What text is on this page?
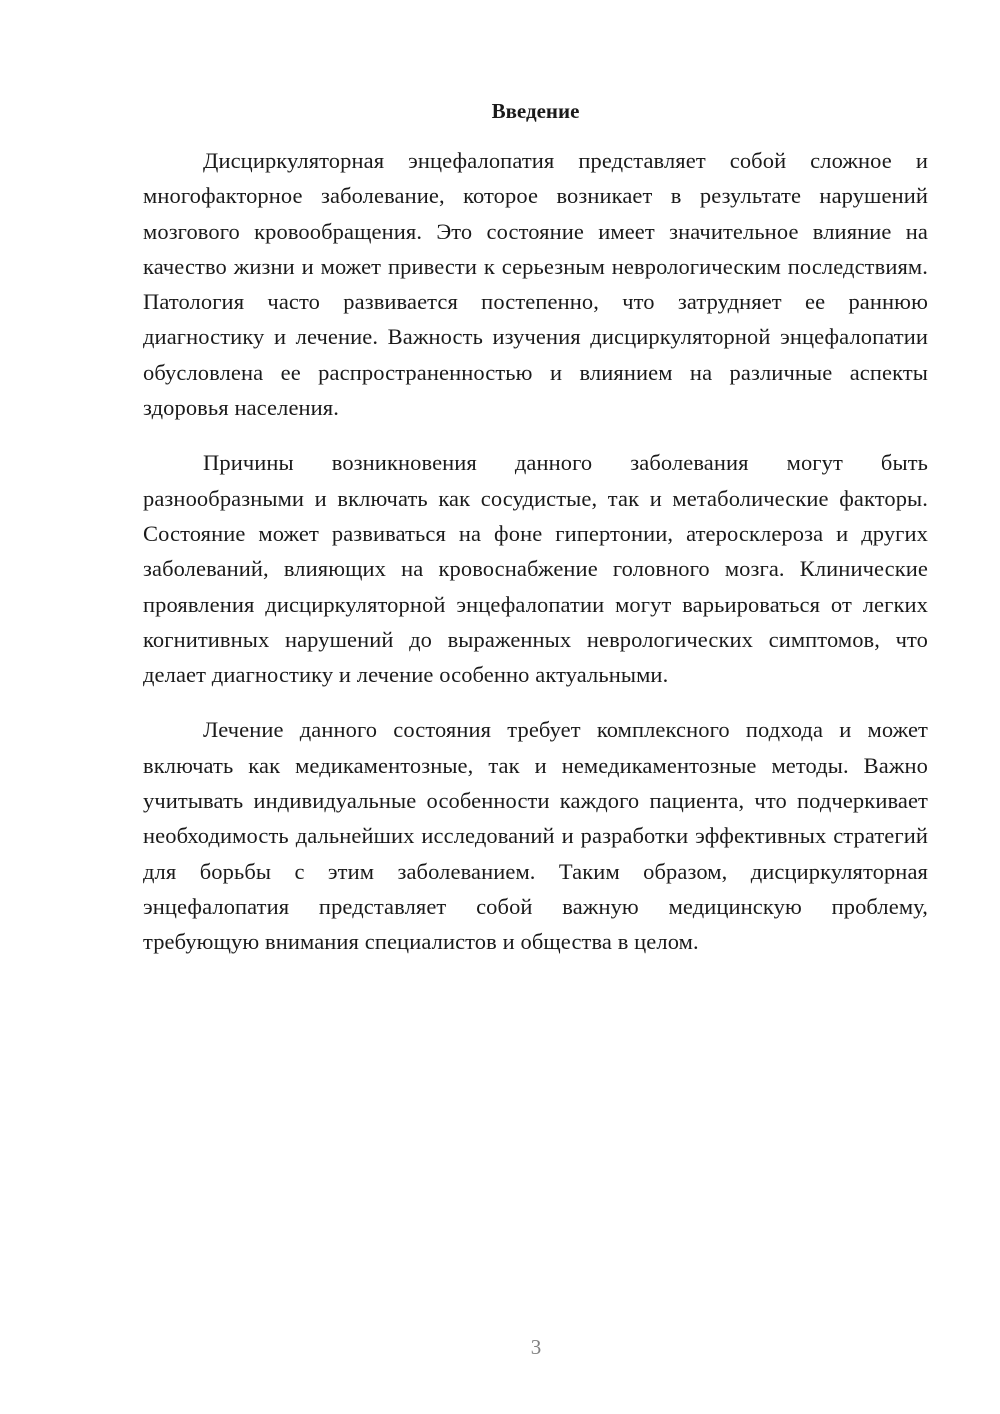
Введение

Дисциркуляторная энцефалопатия представляет собой сложное и многофакторное заболевание, которое возникает в результате нарушений мозгового кровообращения. Это состояние имеет значительное влияние на качество жизни и может привести к серьезным неврологическим последствиям. Патология часто развивается постепенно, что затрудняет ее раннюю диагностику и лечение. Важность изучения дисциркуляторной энцефалопатии обусловлена ее распространенностью и влиянием на различные аспекты здоровья населения.

Причины возникновения данного заболевания могут быть разнообразными и включать как сосудистые, так и метаболические факторы. Состояние может развиваться на фоне гипертонии, атеросклероза и других заболеваний, влияющих на кровоснабжение головного мозга. Клинические проявления дисциркуляторной энцефалопатии могут варьироваться от легких когнитивных нарушений до выраженных неврологических симптомов, что делает диагностику и лечение особенно актуальными.

Лечение данного состояния требует комплексного подхода и может включать как медикаментозные, так и немедикаментозные методы. Важно учитывать индивидуальные особенности каждого пациента, что подчеркивает необходимость дальнейших исследований и разработки эффективных стратегий для борьбы с этим заболеванием. Таким образом, дисциркуляторная энцефалопатия представляет собой важную медицинскую проблему, требующую внимания специалистов и общества в целом.

3
